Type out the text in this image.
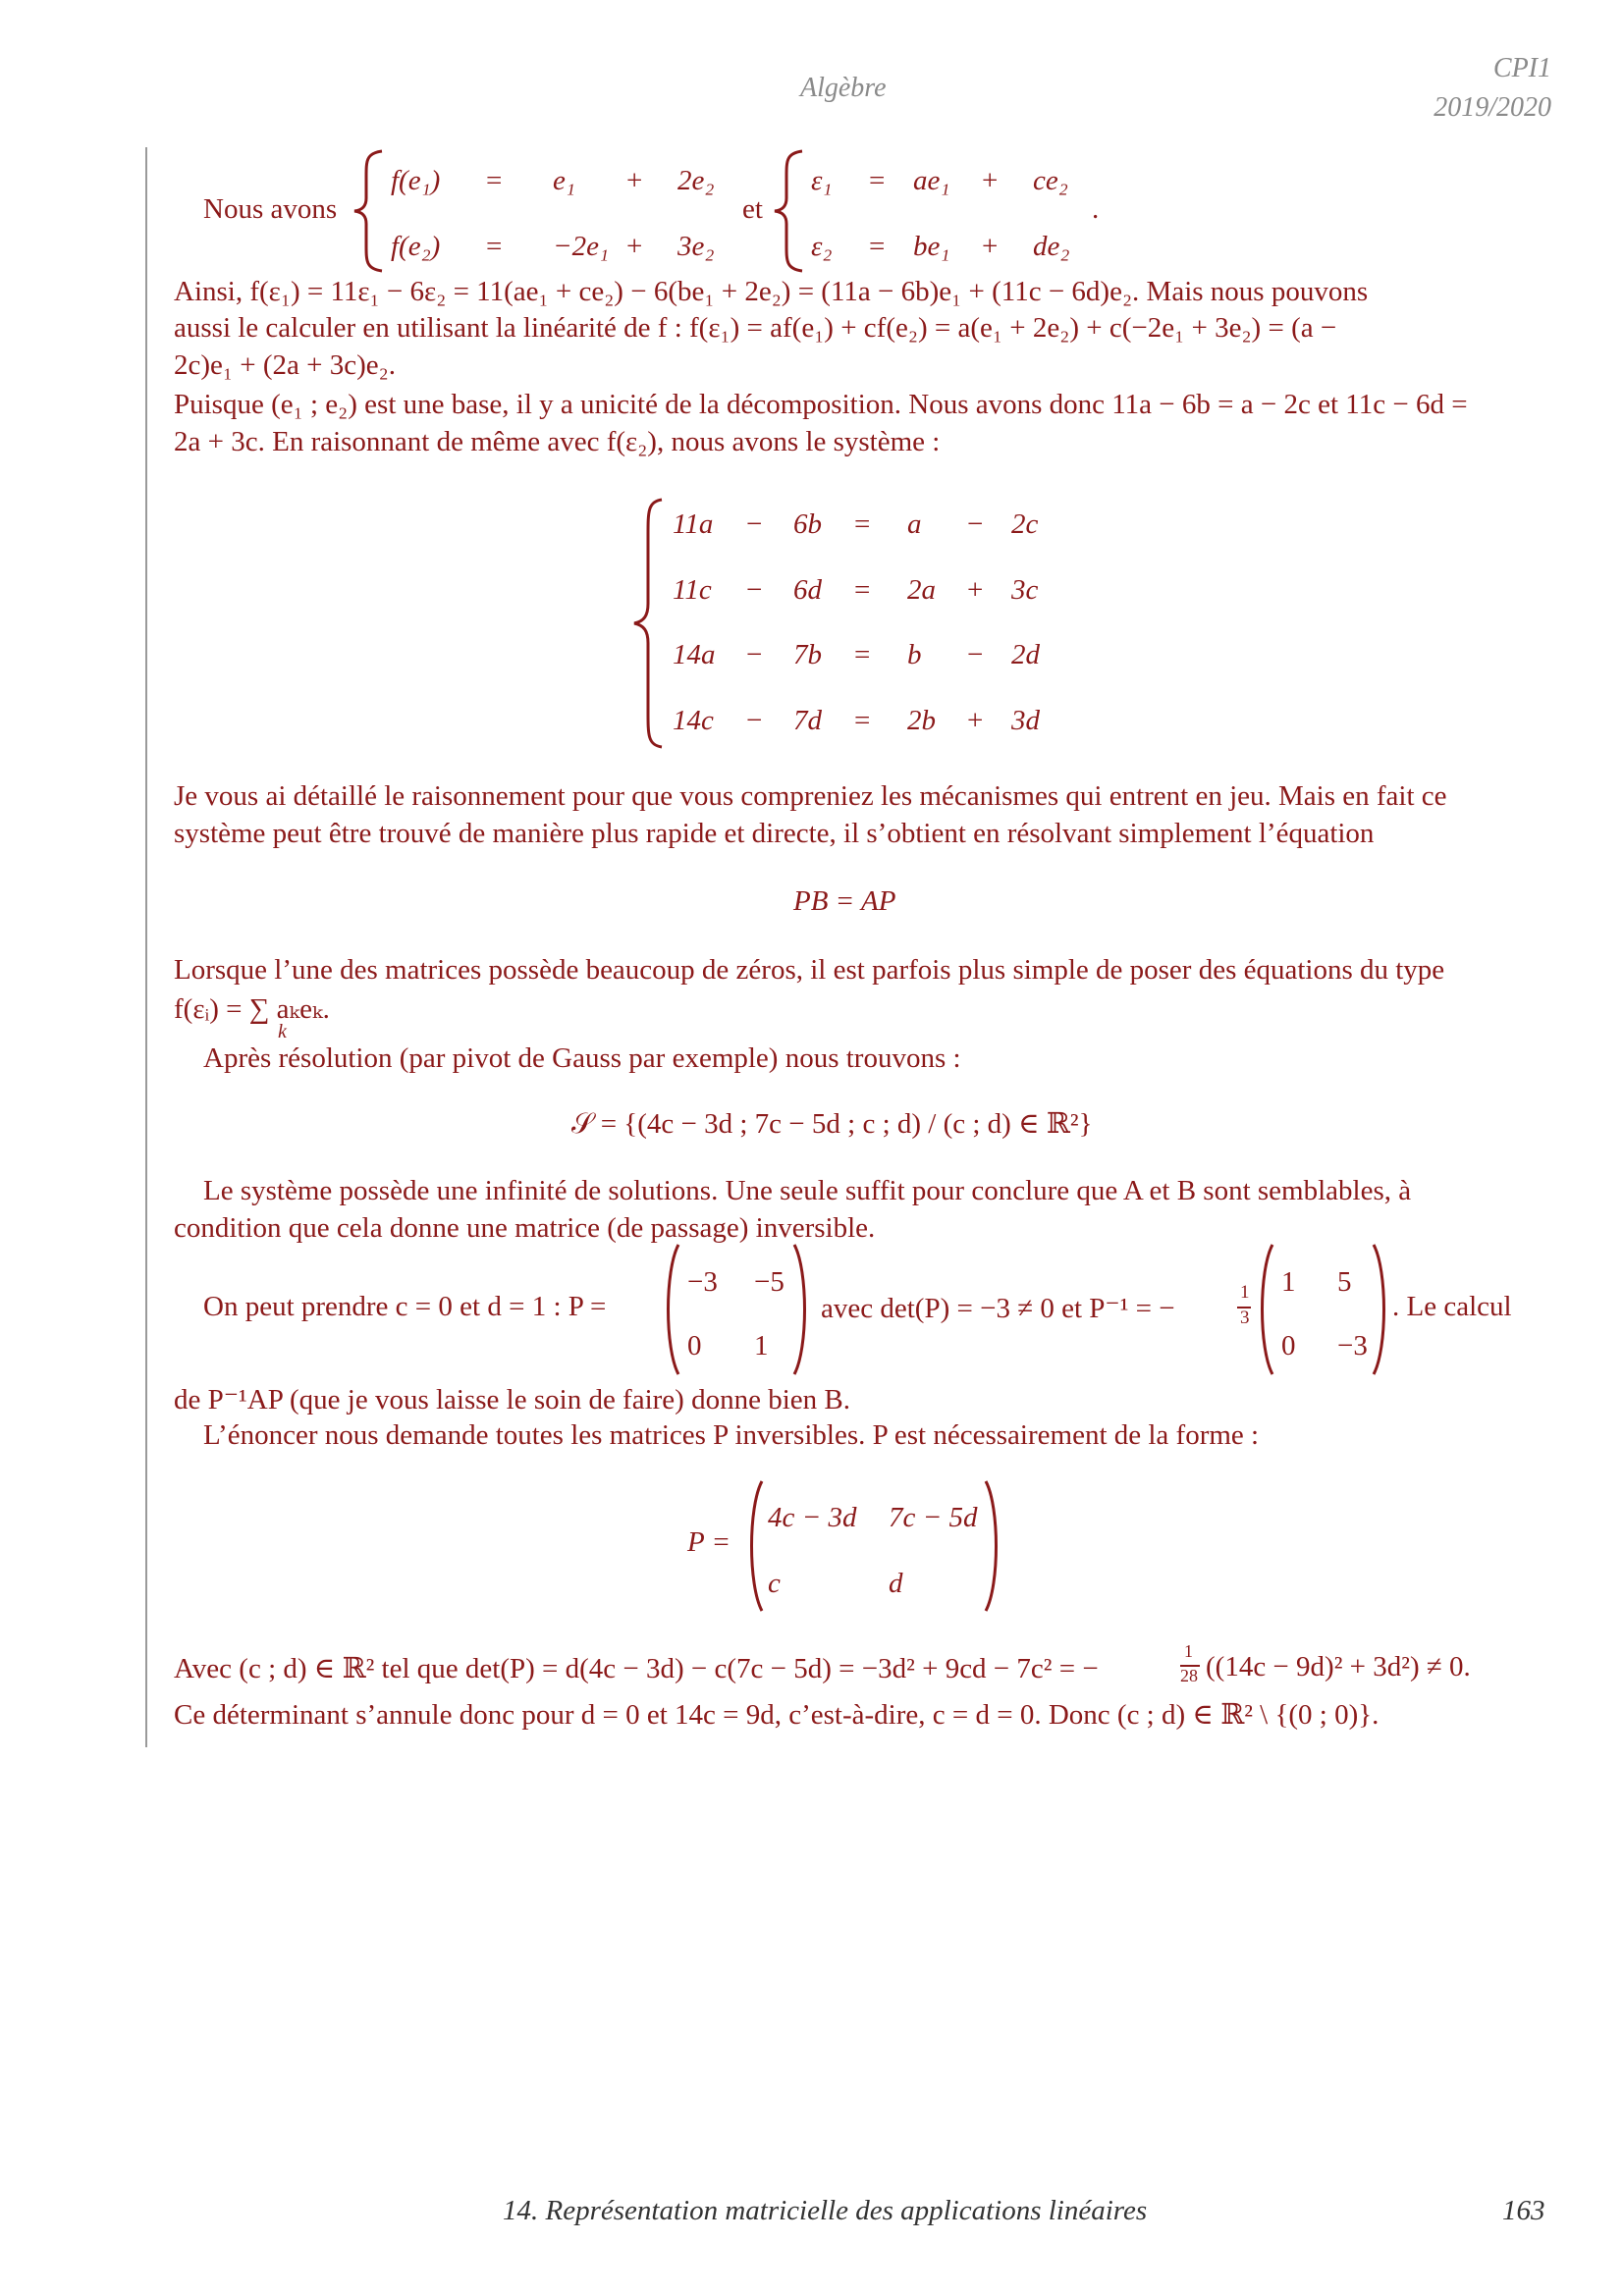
Algèbre
CPI1
2019/2020
Nous avons
f(e₁) = e₁ + 2e₂
f(e₂) = −2e₁ + 3e₂
et
ε₁ = ae₁ + ce₂
ε₂ = be₁ + de₂
.
Ainsi, f(ε₁) = 11ε₁ − 6ε₂ = 11(ae₁ + ce₂) − 6(be₁ + 2e₂) = (11a − 6b)e₁ + (11c − 6d)e₂. Mais nous pouvons
aussi le calculer en utilisant la linéarité de f : f(ε₁) = af(e₁) + cf(e₂) = a(e₁ + 2e₂) + c(−2e₁ + 3e₂) = (a −
2c)e₁ + (2a + 3c)e₂.
Puisque (e₁ ; e₂) est une base, il y a unicité de la décomposition. Nous avons donc 11a − 6b = a − 2c et 11c − 6d =
2a + 3c. En raisonnant de même avec f(ε₂), nous avons le système :
11a − 6b = a − 2c
11c − 6d = 2a + 3c
14a − 7b = b − 2d
14c − 7d = 2b + 3d
Je vous ai détaillé le raisonnement pour que vous compreniez les mécanismes qui entrent en jeu. Mais en fait ce
système peut être trouvé de manière plus rapide et directe, il s’obtient en résolvant simplement l’équation
PB = AP
Lorsque l’une des matrices possède beaucoup de zéros, il est parfois plus simple de poser des équations du type
f(εᵢ) = ∑ aₖeₖ.
k
Après résolution (par pivot de Gauss par exemple) nous trouvons :
𝒮 = {(4c − 3d ; 7c − 5d ; c ; d) / (c ; d) ∈ ℝ²}
Le système possède une infinité de solutions. Une seule suffit pour conclure que A et B sont semblables, à
condition que cela donne une matrice (de passage) inversible.
On peut prendre c = 0 et d = 1 : P =
−3 −5
0 1
avec det(P) = −3 ≠ 0 et P⁻¹ = −
1
3
1 5
0 −3
. Le calcul
de P⁻¹AP (que je vous laisse le soin de faire) donne bien B.
L’énoncer nous demande toutes les matrices P inversibles. P est nécessairement de la forme :
P =
4c − 3d 7c − 5d
c	d
Avec (c ; d) ∈ ℝ² tel que det(P) = d(4c − 3d) − c(7c − 5d) = −3d² + 9cd − 7c² = −
1
28 ((14c − 9d)² + 3d²) ≠ 0.
Ce déterminant s’annule donc pour d = 0 et 14c = 9d, c’est-à-dire, c = d = 0. Donc (c ; d) ∈ ℝ² \ {(0 ; 0)}.
14. Représentation matricielle des applications linéaires	163
